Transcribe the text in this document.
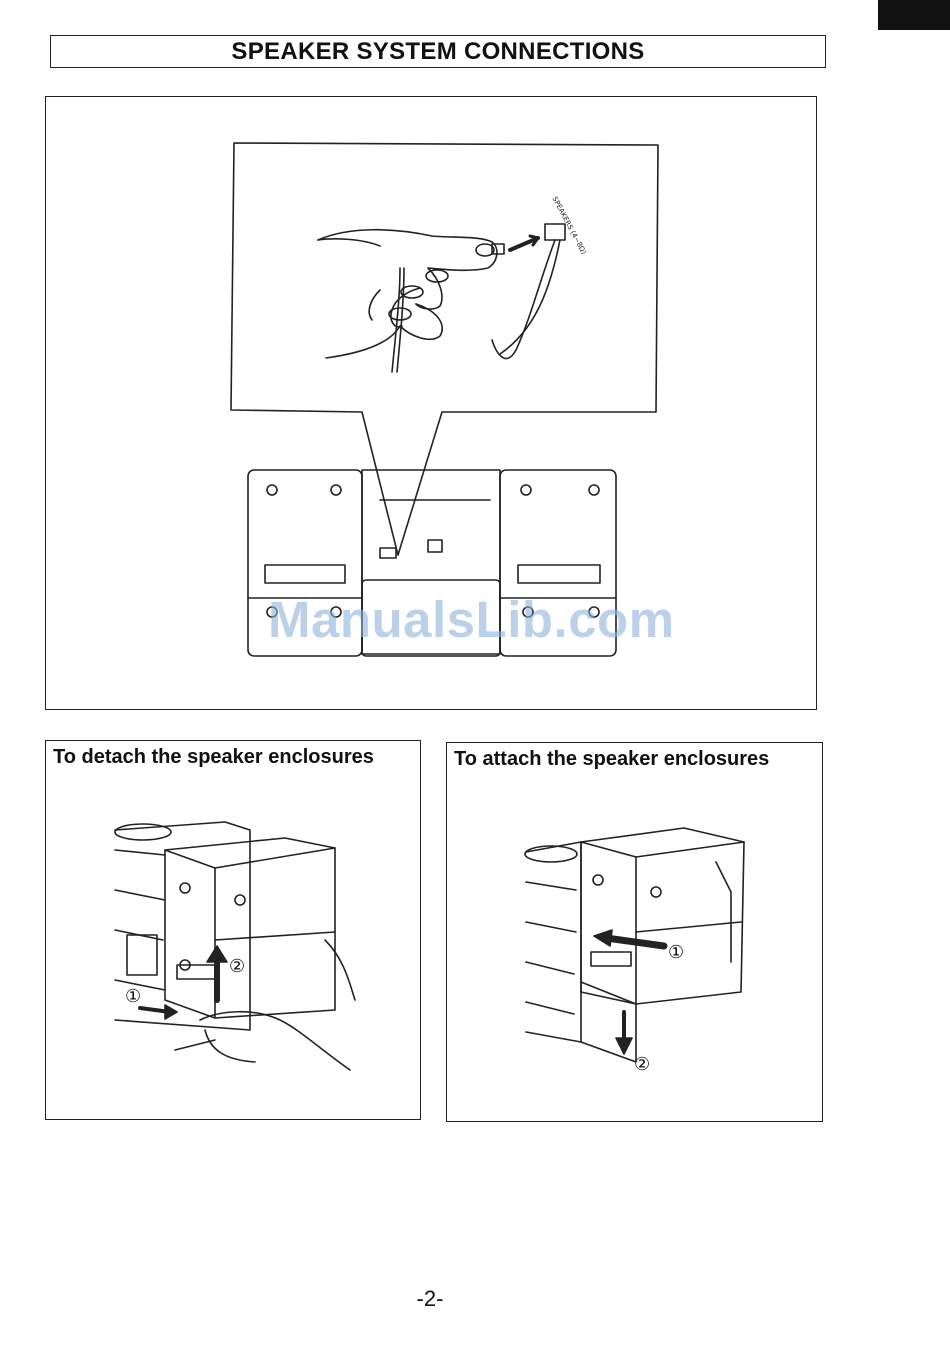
SPEAKER SYSTEM CONNECTIONS
SPEAKERS (4~8Ω)
ManualsLib.com
To detach the speaker enclosures
②
①
To attach the speaker enclosures
①
②
-2-
